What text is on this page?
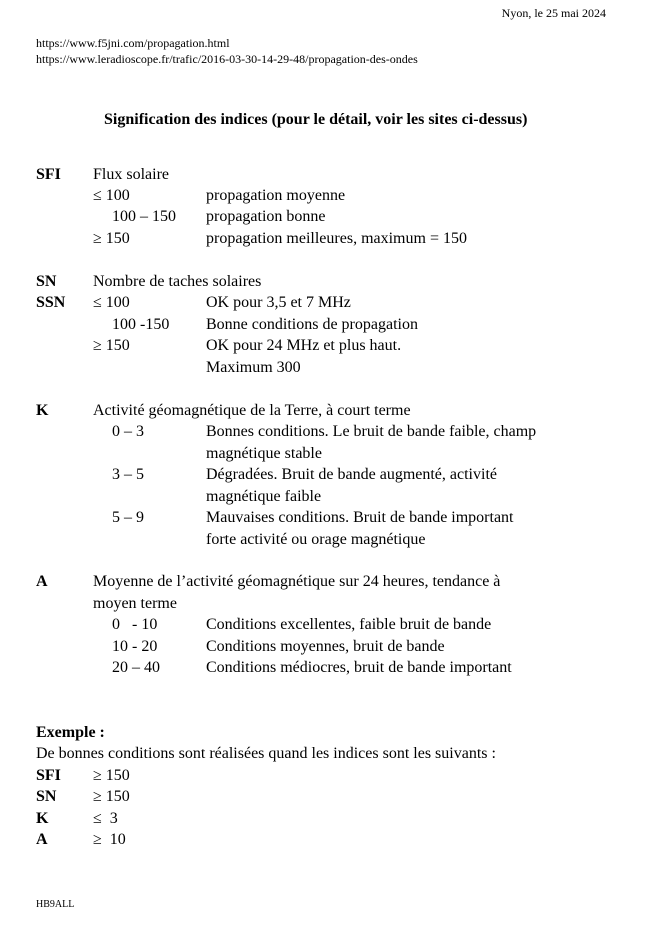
Nyon, le 25 mai 2024
https://www.f5jni.com/propagation.html
https://www.leradioscope.fr/trafic/2016-03-30-14-29-48/propagation-des-ondes
Signification des indices (pour le détail, voir les sites ci-dessus)
SFI Flux solaire
≤ 100	propagation moyenne
100 – 150 propagation bonne
≥ 150	propagation meilleures, maximum = 150
SN Nombre de taches solaires
SSN ≤ 100	OK pour 3,5 et 7 MHz
100 -150 Bonne conditions de propagation
≥ 150	OK pour 24 MHz et plus haut.
Maximum 300
K	Activité géomagnétique de la Terre, à court terme
0 – 3	Bonnes conditions. Le bruit de bande faible, champ
magnétique stable
3 – 5	Dégradées. Bruit de bande augmenté, activité
magnétique faible
5 – 9	Mauvaises conditions. Bruit de bande important
forte activité ou orage magnétique
A	Moyenne de l’activité géomagnétique sur 24 heures, tendance à
moyen terme
0   - 10	Conditions excellentes, faible bruit de bande
10 - 20	Conditions moyennes, bruit de bande
20 – 40	Conditions médiocres, bruit de bande important
Exemple :
De bonnes conditions sont réalisées quand les indices sont les suivants :
SFI ≥ 150
SN ≥ 150
K	≤  3
A	≥  10
HB9ALL
